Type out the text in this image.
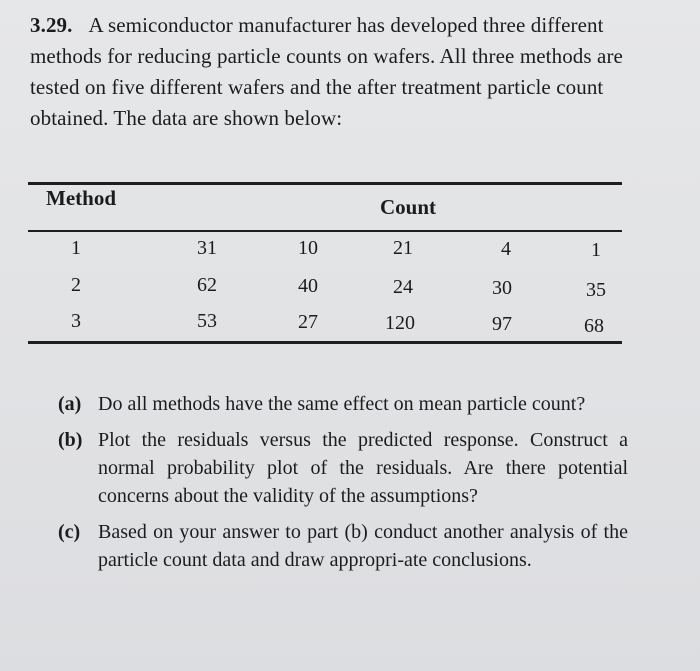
3.29. A semiconductor manufacturer has developed three different methods for reducing particle counts on wafers. All three methods are tested on five different wafers and the after treatment particle count obtained. The data are shown below:
Method	Count
1	31	10	21	4	1
2	62	40	24	30	35
3	53	27	120	97	68
(a) Do all methods have the same effect on mean particle count?
(b) Plot the residuals versus the predicted response. Construct a normal probability plot of the residuals. Are there potential concerns about the validity of the assumptions?
(c) Based on your answer to part (b) conduct another analysis of the particle count data and draw appropri-ate conclusions.
